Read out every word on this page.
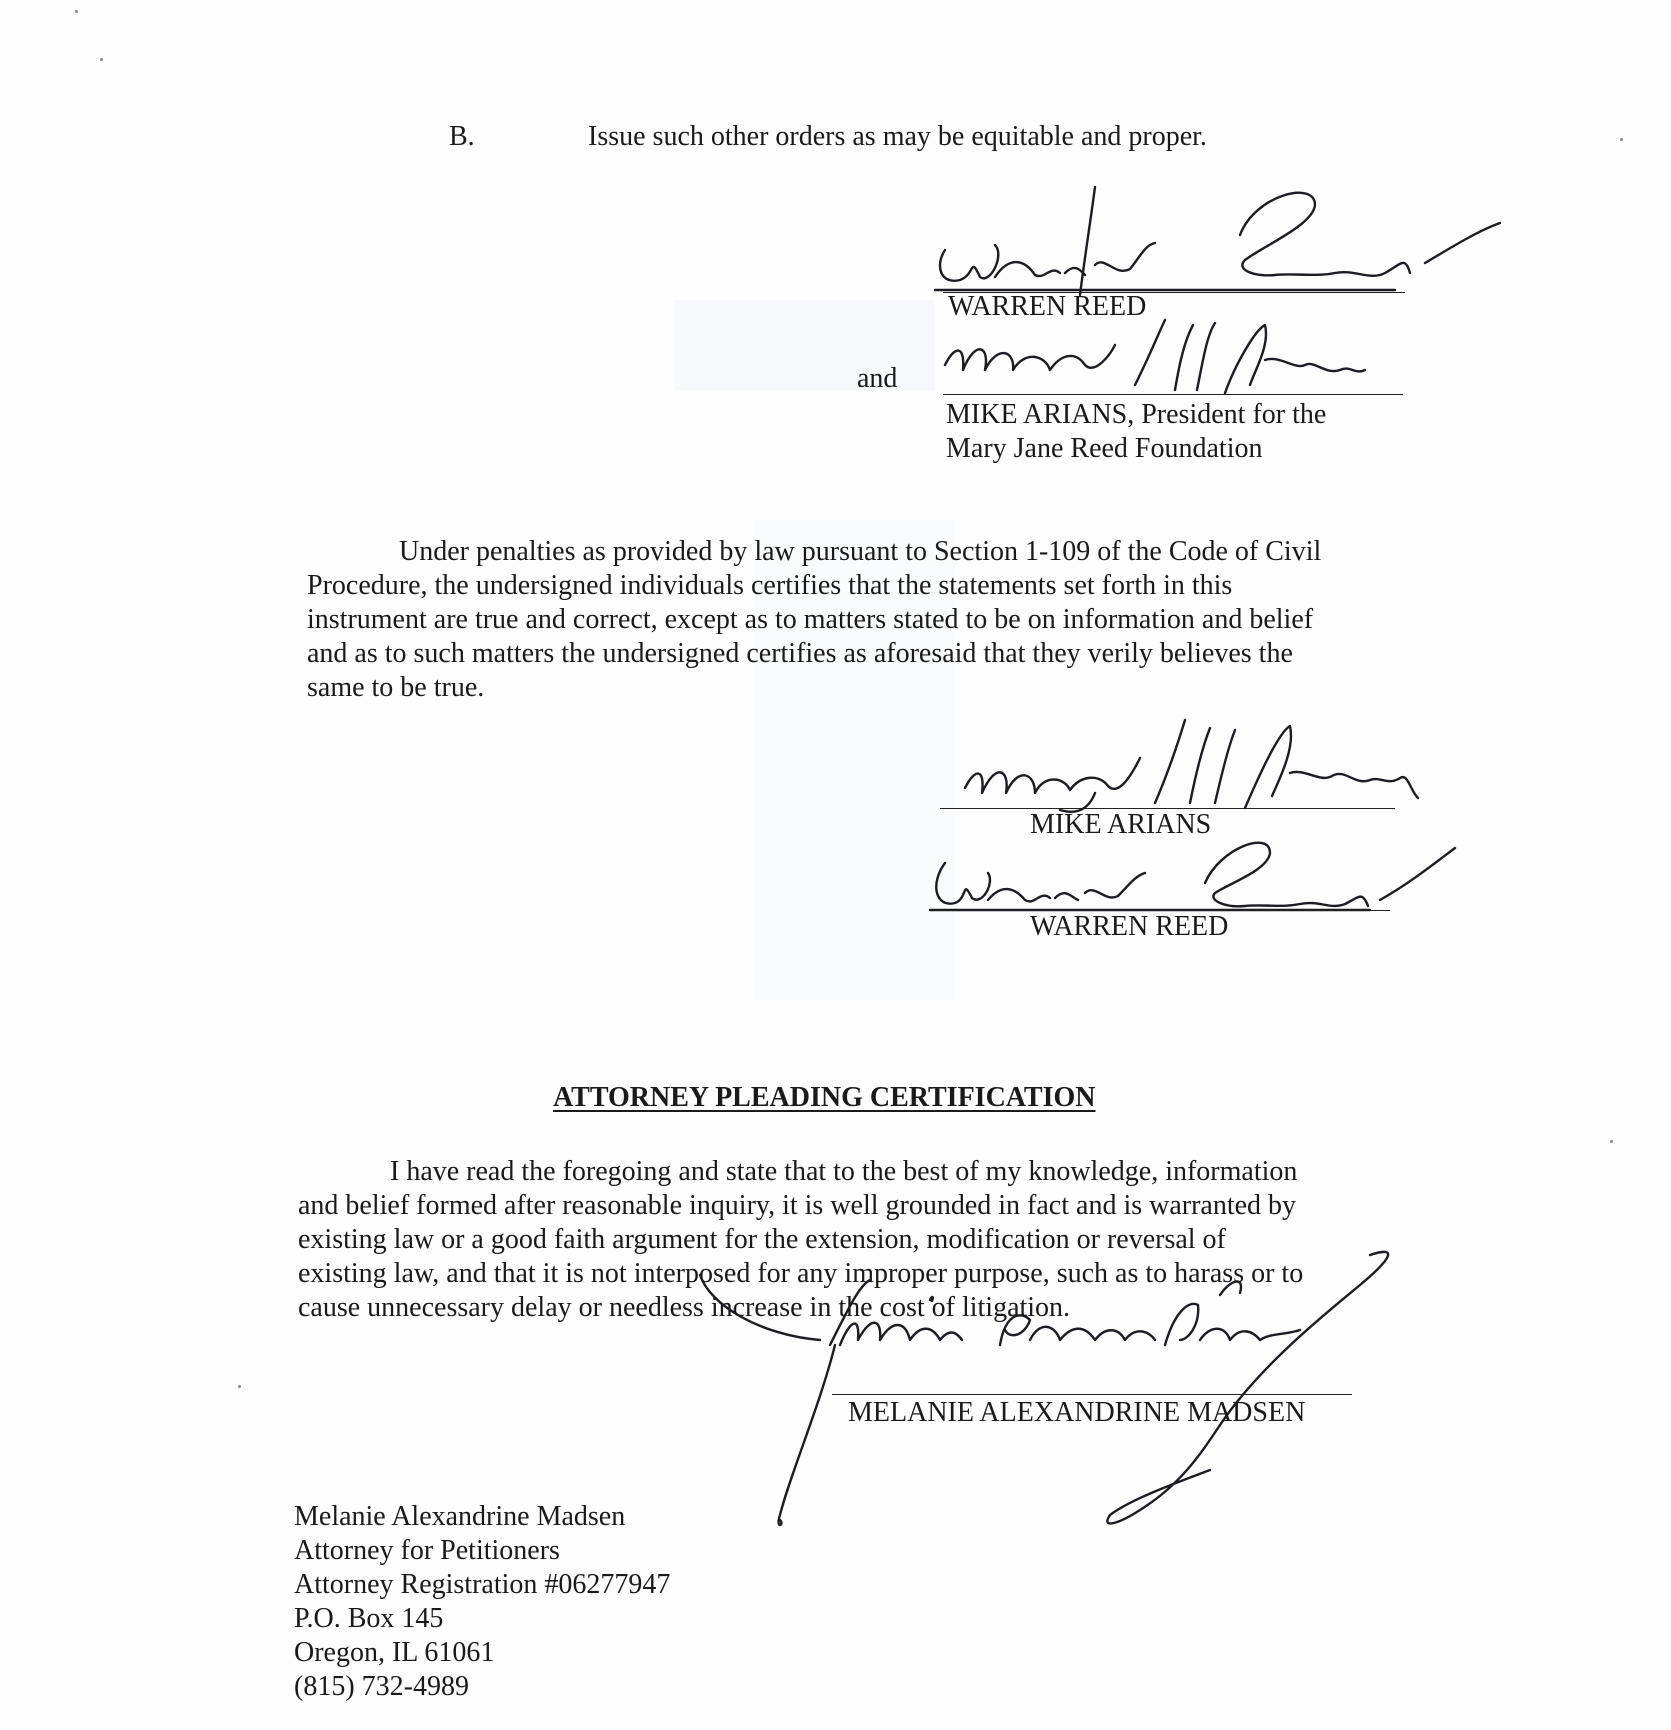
B.	Issue such other orders as may be equitable and proper.
WARREN REED
and
MIKE ARIANS, President for the
Mary Jane Reed Foundation
Under penalties as provided by law pursuant to Section 1-109 of the Code of Civil
Procedure, the undersigned individuals certifies that the statements set forth in this
instrument are true and correct, except as to matters stated to be on information and belief
and as to such matters the undersigned certifies as aforesaid that they verily believes the
same to be true.
MIKE ARIANS
WARREN REED
ATTORNEY PLEADING CERTIFICATION
I have read the foregoing and state that to the best of my knowledge, information
and belief formed after reasonable inquiry, it is well grounded in fact and is warranted by
existing law or a good faith argument for the extension, modification or reversal of
existing law, and that it is not interposed for any improper purpose, such as to harass or to
cause unnecessary delay or needless increase in the cost of litigation.
MELANIE ALEXANDRINE MADSEN
Melanie Alexandrine Madsen
Attorney for Petitioners
Attorney Registration #06277947
P.O. Box 145
Oregon, IL 61061
(815) 732-4989
